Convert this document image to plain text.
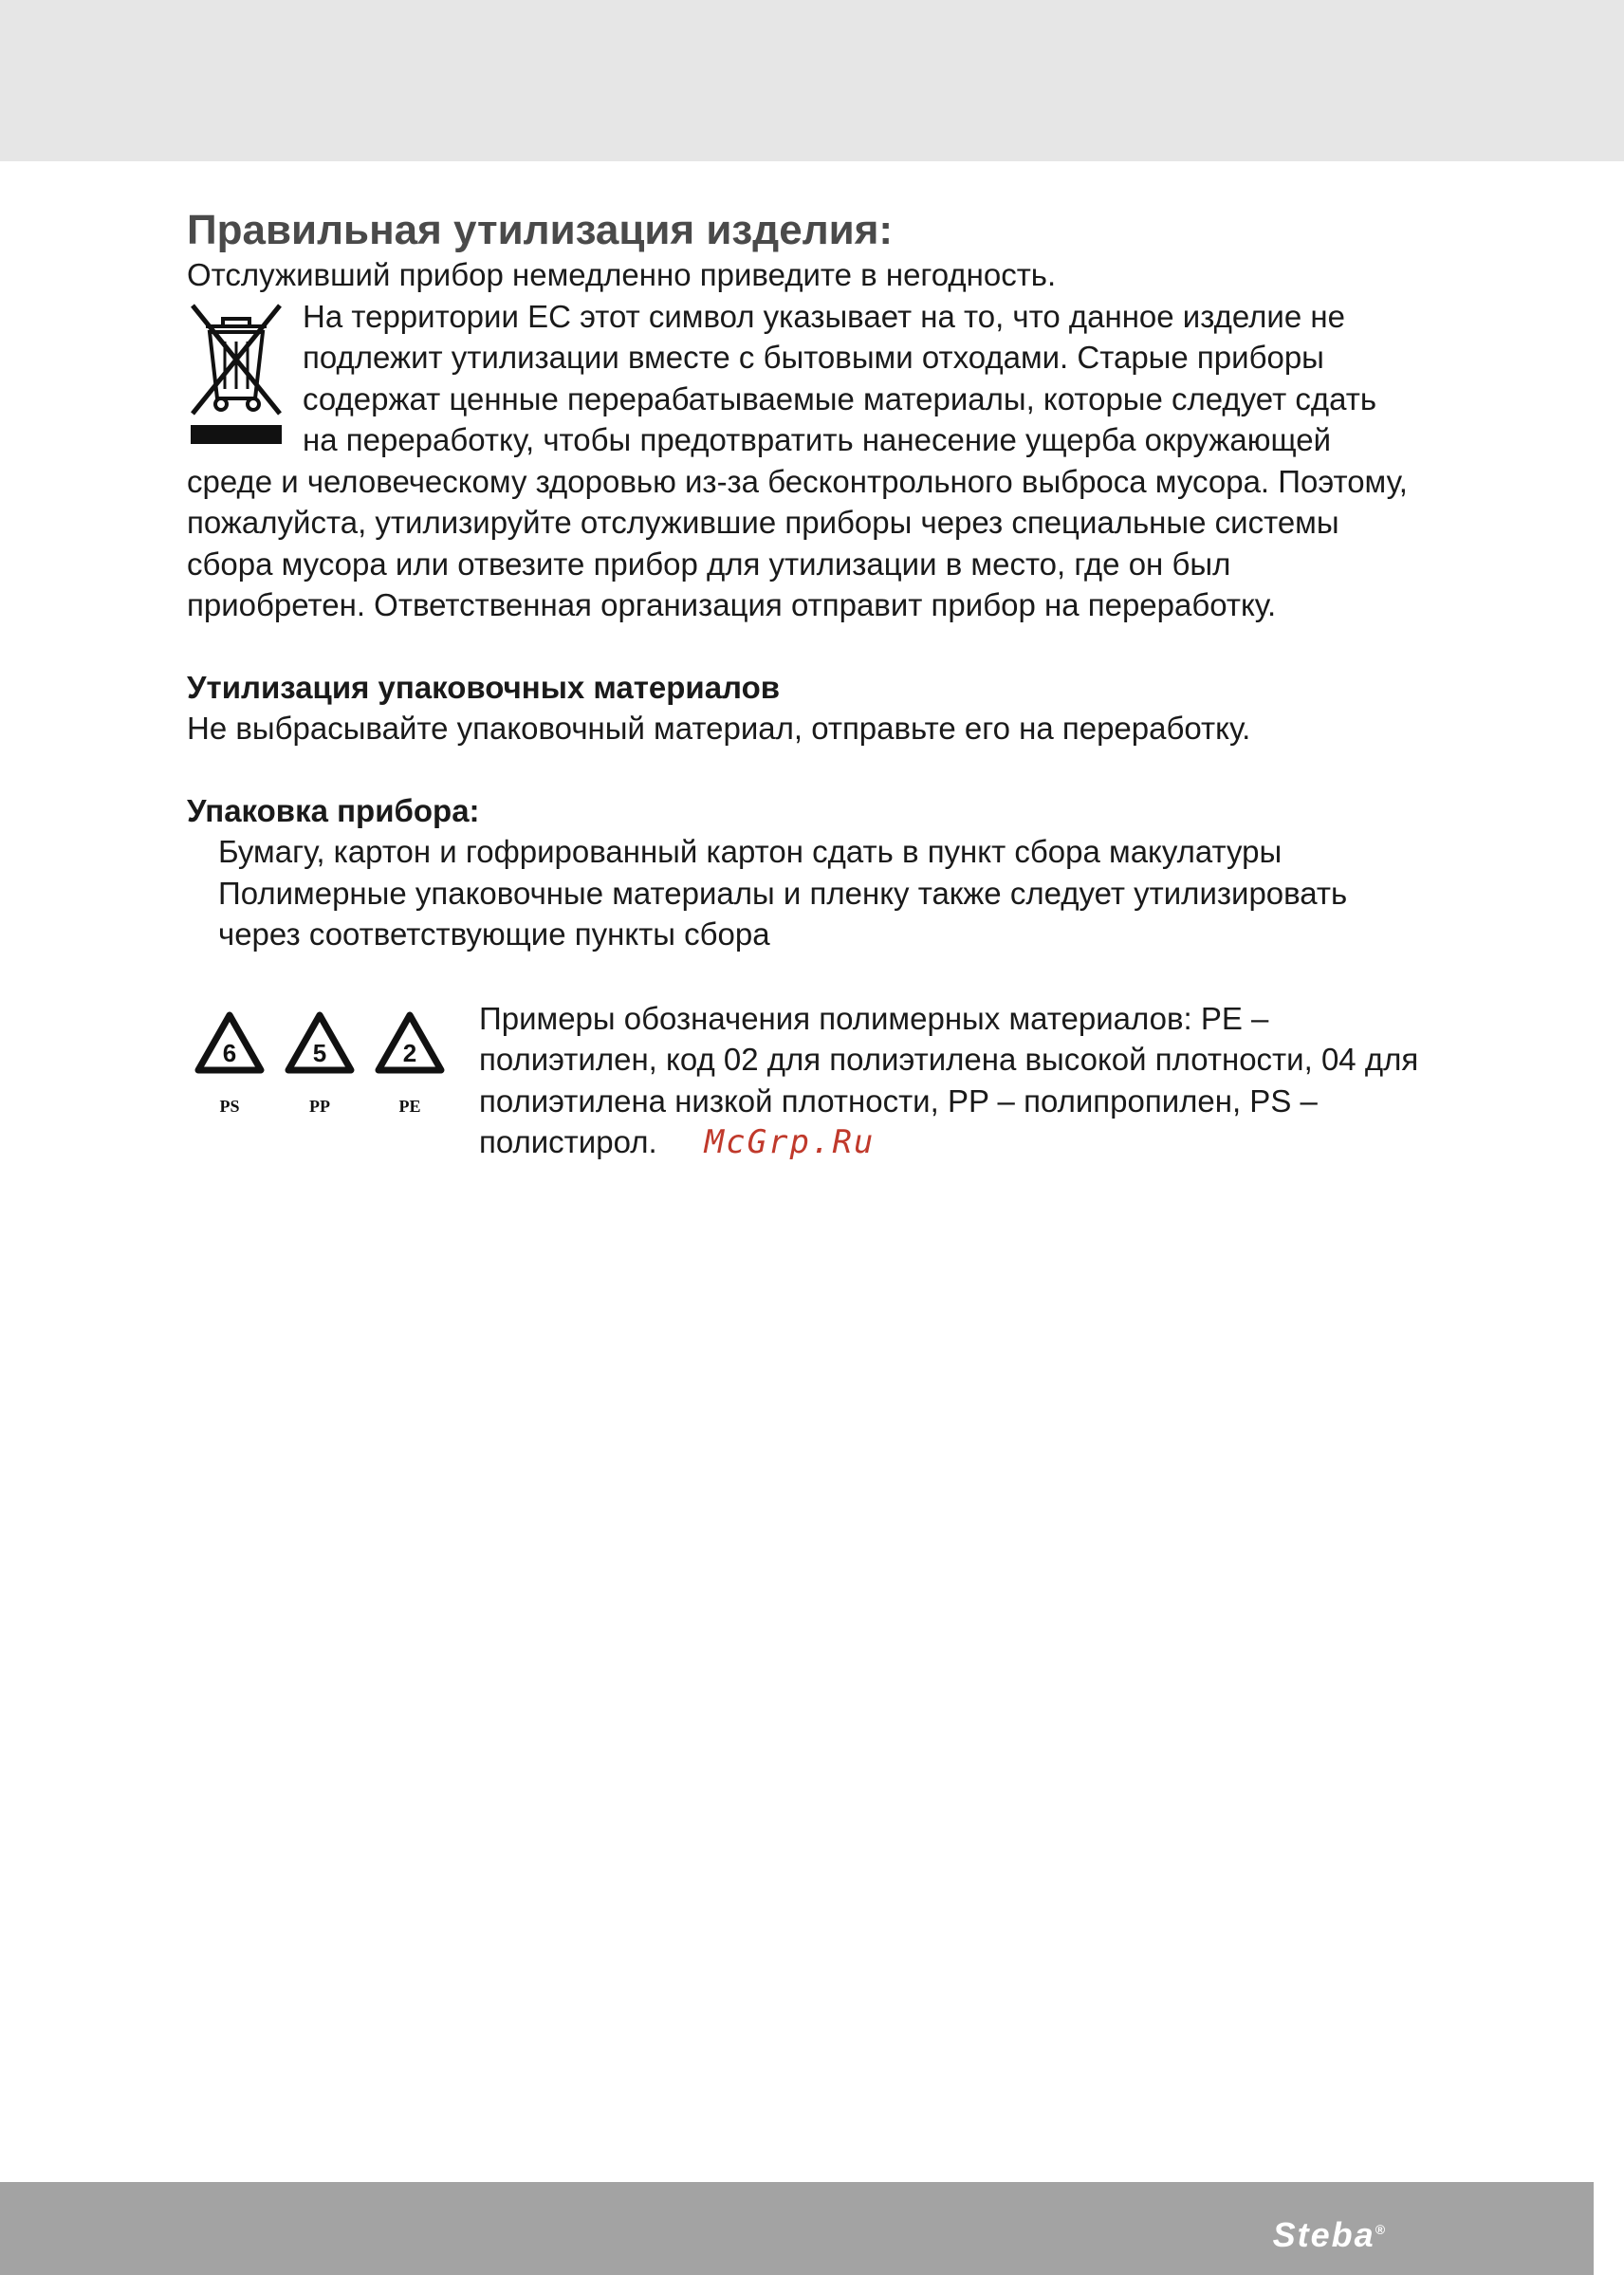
Правильная утилизация изделия:

Отслуживший прибор немедленно приведите в негодность.

На территории ЕС этот символ указывает на то, что данное изделие не
подлежит утилизации вместе с бытовыми отходами. Старые приборы
содержат ценные перерабатываемые материалы, которые следует сдать
на переработку, чтобы предотвратить нанесение ущерба окружающей
среде и человеческому здоровью из-за бесконтрольного выброса мусора. Поэтому,
пожалуйста, утилизируйте отслужившие приборы через специальные системы
сбора мусора или отвезите прибор для утилизации в место, где он был
приобретен. Ответственная организация отправит прибор на переработку.
Утилизация упаковочных материалов

Не выбрасывайте упаковочный материал, отправьте его на переработку.

Упаковка прибора:
Бумагу, картон и гофрированный картон сдать в пункт сбора макулатуры
Полимерные упаковочные материалы и пленку также следует утилизировать
через соответствующие пункты сбора
6
PS
5
PP
2
PE
Примеры обозначения полимерных материалов: PE –
полиэтилен, код 02 для полиэтилена высокой плотности, 04 для
полиэтилена низкой плотности, PP – полипропилен, PS –
полистирол. McGrp.Ru
Steba®
